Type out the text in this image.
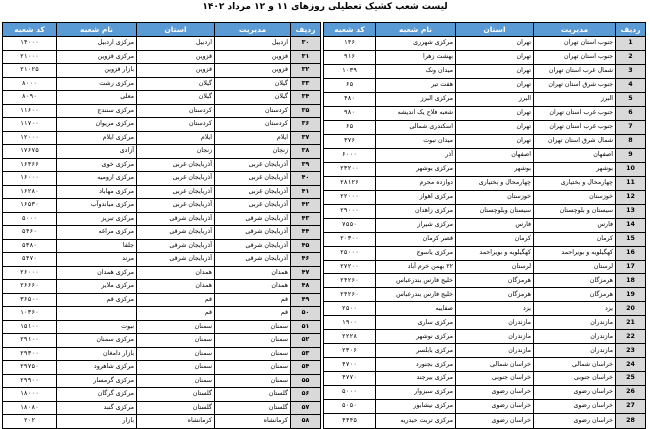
لیست شعب کشیک تعطیلی روزهای ۱۱ و ۱۲ مرداد ۱۴۰۲
ردیف	مدیریت	استان	نام شعبه	کد شعبه
1	جنوب استان تهران	تهران	مرکزی شهرری	۱۴۶
2	جنوب استان تهران	تهران	بهشت زهرا	۹۱۶
3	شمال غرب استان تهران	تهران	میدان ونک	۱۰۳۹
4	جنوب شرق استان تهران	تهران	هفت تیر	۶۵
5	البرز	البرز	مرکزی البرز	۴۸۰
6	جنوب غرب استان تهران	تهران	شعبه فلاح یک اندیشه	۹۸۰
7	جنوب غرب استان تهران	تهران	اسکندری شمالی	۶۵
8	شمال شرق استان تهران	تهران	میدان نبوت	۳۷۶
9	اصفهان	اصفهان	آذر	۶۰۰۰
10	بوشهر	بوشهر	مرکزی بوشهر	۲۳۲۰۰
11	چهارمحال و بختیاری	چهارمحال و بختیاری	دوازده محرم	۲۸۱۲۶
12	خوزستان	خوزستان	مرکزی اهواز	۲۲۰۰۰
13	سیستان و بلوچستان	سیستان وبلوچستان	مرکزی زاهدان	۲۹۰۰۰
14	فارس	فارس	مرکزی شیراز	۷۵۵۰
15	کرمان	کرمان	قصر کرمان	۲۰۳۰۰
16	کهگیلویه و بویراحمد	کهگیلویه و بویراحمد	مرکزی یاسوج	۲۵۰۰۰
17	لرستان	لرستان	۲۲ بهمن خرم آباد	۲۷۲۰۰
18	هرمزگان	هرمزگان	خلیج فارس بندرعباس	۲۴۲۶۰
19	هرمزگان	هرمزگان	خلیج فارس بندرعباس	۲۴۲۶۰
20	یزد	یزد	صفاییه	۲۵۰۰
21	مازندران	مازندران	مرکزی ساری	۱۹۰۰
22	مازندران	مازندران	مرکزی نوشهر	۲۲۲۸
23	مازندران	مازندران	مرکزی بابلسر	۲۳۰۶
24	خراسان شمالی	خراسان شمالی	مرکزی بجنورد	۴۷۰۰
25	خراسان جنوبی	خراسان جنوبی	مرکزی بیرجند	۴۷۷۰
26	خراسان رضوی	خراسان رضوی	مرکزی سبزوار	۵۰۰۰
27	خراسان رضوی	خراسان رضوی	مرکزی نیشابور	۵۰۵۰
28	خراسان رضوی	خراسان رضوی	مرکزی تربت حیدریه	۴۴۴۵
ردیف	مدیریت	استان	نام شعبه	کد شعبه
۳۰	اردبیل	اردبیل	مرکزی اردبیل	۱۴۰۰۰
۳۱	قزوین	قزوین	مرکزی قزوین	۲۱۰۰۰
۳۲	قزوین	قزوین	بازار قزوین	۲۱۰۲۵
۳۳	گیلان	گیلان	مرکزی رشت	۸۰۰۰
۳۴	گیلان	گیلان	معلی	۸۰۹۰
۳۵	کردستان	کردستان	مرکزی سنندج	۱۱۶۰۰
۳۶	کردستان	کردستان	مرکزی مریوان	۱۱۷۰۰
۳۷	ایلام	ایلام	مرکزی ایلام	۱۲۰۰۰
۳۸	زنجان	زنجان	آزادی	۱۷۶۷۵
۳۹	آذربایجان غربی	آذربایجان غربی	مرکزی خوی	۱۶۴۶۶
۴۰	آذربایجان غربی	آذربایجان غربی	مرکزی ارومیه	۱۶۰۰۰
۴۱	آذربایجان غربی	آذربایجان غربی	مرکزی مهاباد	۱۶۲۸۰
۴۲	آذربایجان غربی	آذربایجان غربی	مرکزی میاندوآب	۱۶۵۳۰
۴۳	آذربایجان شرقی	آذربایجان شرقی	مرکزی تبریز	۵۰۰۰
۴۴	آذربایجان شرقی	آذربایجان شرقی	مرکزی مراغه	۵۴۶۰
۴۵	آذربایجان شرقی	آذربایجان شرقی	جلفا	۵۳۸۰
۴۶	آذربایجان شرقی	آذربایجان شرقی	مرند	۵۴۷۰
۴۷	همدان	همدان	مرکزی همدان	۲۶۰۰۰
۴۸	همدان	همدان	مرکزی ملایر	۲۶۶۶۰
۴۹	قم	قم	مرکزی قم	۳۶۵۰۰
۵۰	قم	قم		۱۰۳۶۰
۵۱	سمنان	سمنان	نبوت	۱۵۱۰۰
۵۲	سمنان	سمنان	مرکزی سمنان	۲۹۱۰۰
۵۳	سمنان	سمنان	بازار دامغان	۲۹۳۰۰
۵۴	سمنان	سمنان	مرکزی شاهرود	۲۹۷۵۰
۵۵	سمنان	سمنان	مرکزی گرمسار	۲۹۹۰۰
۵۶	گلستان	گلستان	مرکزی گرگان	۱۸۰۰۰
۵۷	گلستان	گلستان	مرکزی گنبد	۱۸۰۸۰
۵۸	کرمانشاه	کرمانشاه	بازار	۲۰۲
